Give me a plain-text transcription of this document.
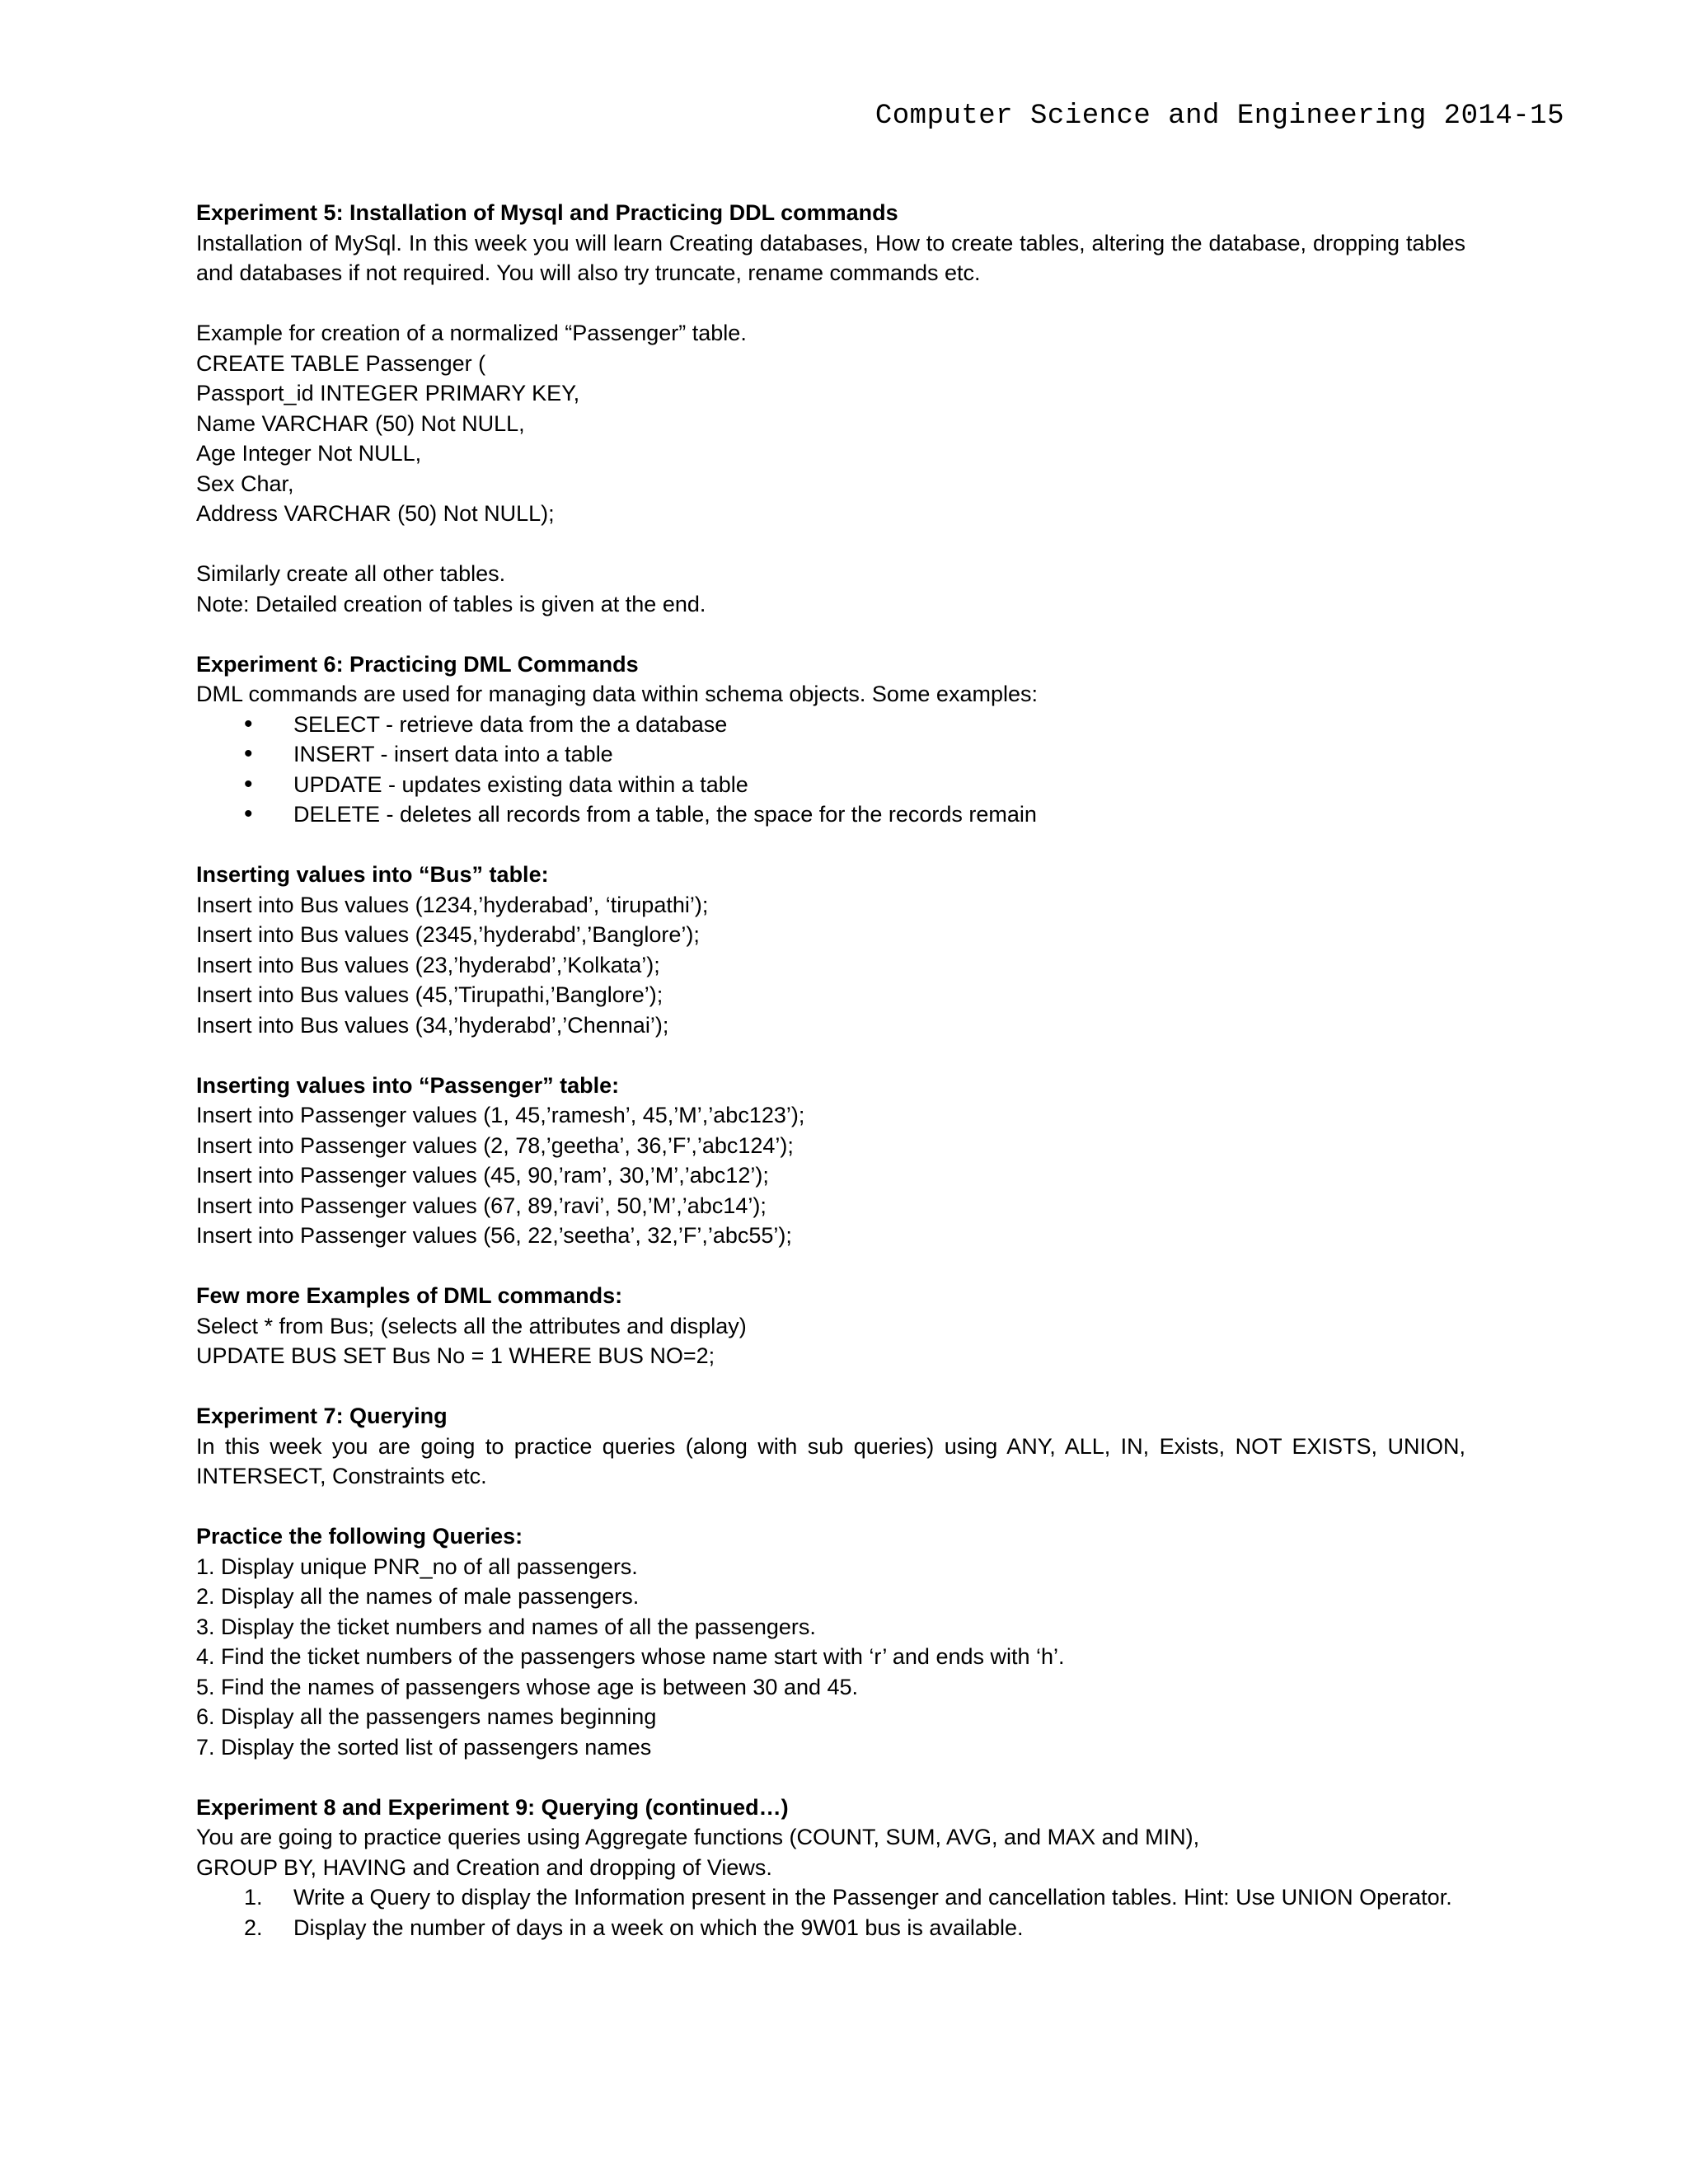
Computer Science and Engineering 2014-15
Experiment 5: Installation of Mysql and Practicing DDL commands
Installation of MySql. In this week you will learn Creating databases, How to create tables, altering the database, dropping tables and databases if not required. You will also try truncate, rename commands etc.
Example for creation of a normalized “Passenger” table.
CREATE TABLE Passenger (
Passport_id INTEGER PRIMARY KEY,
Name VARCHAR (50) Not NULL,
Age Integer Not NULL,
Sex Char,
Address VARCHAR (50) Not NULL);
Similarly create all other tables.
Note: Detailed creation of tables is given at the end.
Experiment 6: Practicing DML Commands
DML commands are used for managing data within schema objects. Some examples:
• SELECT - retrieve data from the a database
• INSERT - insert data into a table
• UPDATE - updates existing data within a table
• DELETE - deletes all records from a table, the space for the records remain
Inserting values into “Bus” table:
Insert into Bus values (1234,’hyderabad’, ‘tirupathi’);
Insert into Bus values (2345,’hyderabd’,’Banglore’);
Insert into Bus values (23,’hyderabd’,’Kolkata’);
Insert into Bus values (45,’Tirupathi,’Banglore’);
Insert into Bus values (34,’hyderabd’,’Chennai’);
Inserting values into “Passenger” table:
Insert into Passenger values (1, 45,’ramesh’, 45,’M’,’abc123’);
Insert into Passenger values (2, 78,’geetha’, 36,’F’,’abc124’);
Insert into Passenger values (45, 90,’ram’, 30,’M’,’abc12’);
Insert into Passenger values (67, 89,’ravi’, 50,’M’,’abc14’);
Insert into Passenger values (56, 22,’seetha’, 32,’F’,’abc55’);
Few more Examples of DML commands:
Select * from Bus; (selects all the attributes and display)
UPDATE BUS SET Bus No = 1 WHERE BUS NO=2;
Experiment 7: Querying
In this week you are going to practice queries (along with sub queries) using ANY, ALL, IN, Exists, NOT EXISTS, UNION, INTERSECT, Constraints etc.
Practice the following Queries:
1. Display unique PNR_no of all passengers.
2. Display all the names of male passengers.
3. Display the ticket numbers and names of all the passengers.
4. Find the ticket numbers of the passengers whose name start with ‘r’ and ends with ‘h’.
5. Find the names of passengers whose age is between 30 and 45.
6. Display all the passengers names beginning
7. Display the sorted list of passengers names
Experiment 8 and Experiment 9: Querying (continued…)
You are going to practice queries using Aggregate functions (COUNT, SUM, AVG, and MAX and MIN),
GROUP BY, HAVING and Creation and dropping of Views.
1. Write a Query to display the Information present in the Passenger and cancellation tables. Hint: Use UNION Operator.
2. Display the number of days in a week on which the 9W01 bus is available.
